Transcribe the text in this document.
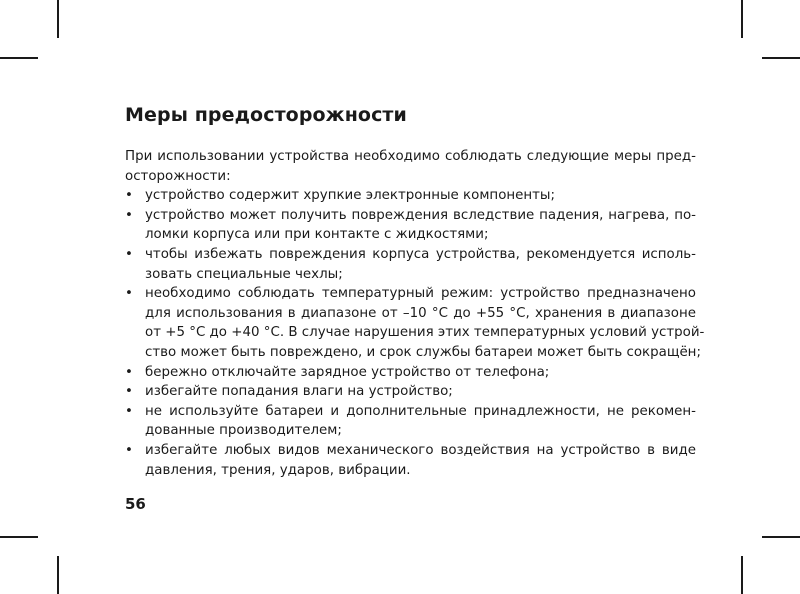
Меры предосторожности

При использовании устройства необходимо соблюдать следующие меры пред-
осторожности:

• устройство содержит хрупкие электронные компоненты;
• устройство может получить повреждения вследствие падения, нагрева, по-
ломки корпуса или при контакте с жидкостями;
• чтобы избежать повреждения корпуса устройства, рекомендуется исполь-
зовать специальные чехлы;
• необходимо соблюдать температурный режим: устройство предназначено
для использования в диапазоне от –10 °С до +55 °С, хранения в диапазоне
от +5 °С до +40 °С. В случае нарушения этих температурных условий устрой-
ство может быть повреждено, и срок службы батареи может быть сокращён;
• бережно отключайте зарядное устройство от телефона;
• избегайте попадания влаги на устройство;
• не используйте батареи и дополнительные принадлежности, не рекомен-
дованные производителем;
• избегайте любых видов механического воздействия на устройство в виде
давления, трения, ударов, вибрации.
56
